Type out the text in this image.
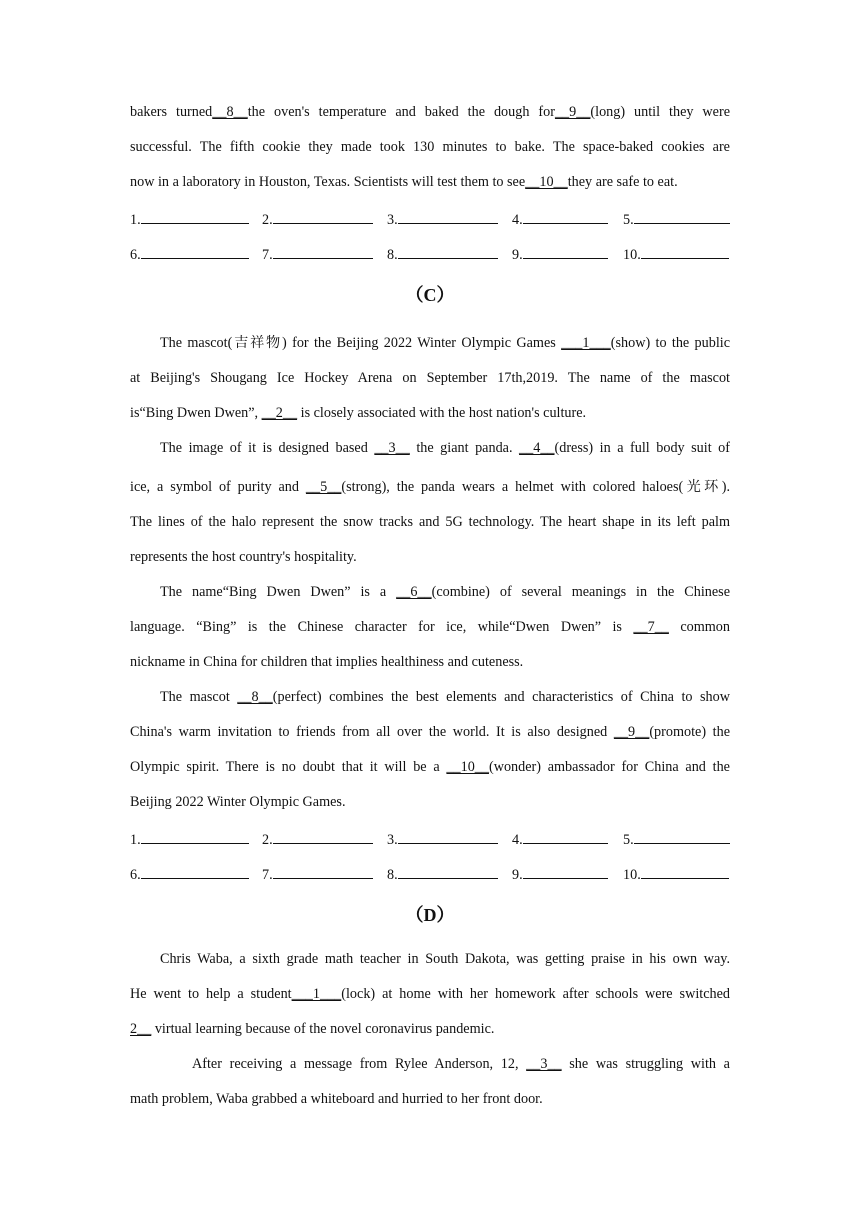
bakers turned__8__the oven's temperature and baked the dough for__9__(long) until they were
successful. The fifth cookie they made took 130 minutes to bake. The space-baked cookies are
now in a laboratory in Houston, Texas. Scientists will test them to see__10__they are safe to eat.
1.	2.	3.	4.	5.
6.	7.	8.	9.	10.
（C）
The mascot(吉祥物) for the Beijing 2022 Winter Olympic Games ___1___(show) to the public
at Beijing's Shougang Ice Hockey Arena on September 17th,2019. The name of the mascot
is“Bing Dwen Dwen”, __2__ is closely associated with the host nation's culture.
The image of it is designed based __3__ the giant panda. __4__(dress) in a full body suit of
ice, a symbol of purity and __5__(strong), the panda wears a helmet with colored haloes(光环).
The lines of the halo represent the snow tracks and 5G technology. The heart shape in its left palm
represents the host country's hospitality.
The name“Bing Dwen Dwen” is a __6__(combine) of several meanings in the Chinese
language. “Bing” is the Chinese character for ice, while“Dwen Dwen” is __7__ common
nickname in China for children that implies healthiness and cuteness.
The mascot __8__(perfect) combines the best elements and characteristics of China to show
China's warm invitation to friends from all over the world. It is also designed __9__(promote) the
Olympic spirit. There is no doubt that it will be a __10__(wonder) ambassador for China and the
Beijing 2022 Winter Olympic Games.
1.	2.	3.	4.	5.
6.	7.	8.	9.	10.
（D）
Chris Waba, a sixth grade math teacher in South Dakota, was getting praise in his own way.
He went to help a student___1___(lock) at home with her homework after schools were switched
2__ virtual learning because of the novel coronavirus pandemic.
After receiving a message from Rylee Anderson, 12, __3__ she was struggling with a
math problem, Waba grabbed a whiteboard and hurried to her front door.
